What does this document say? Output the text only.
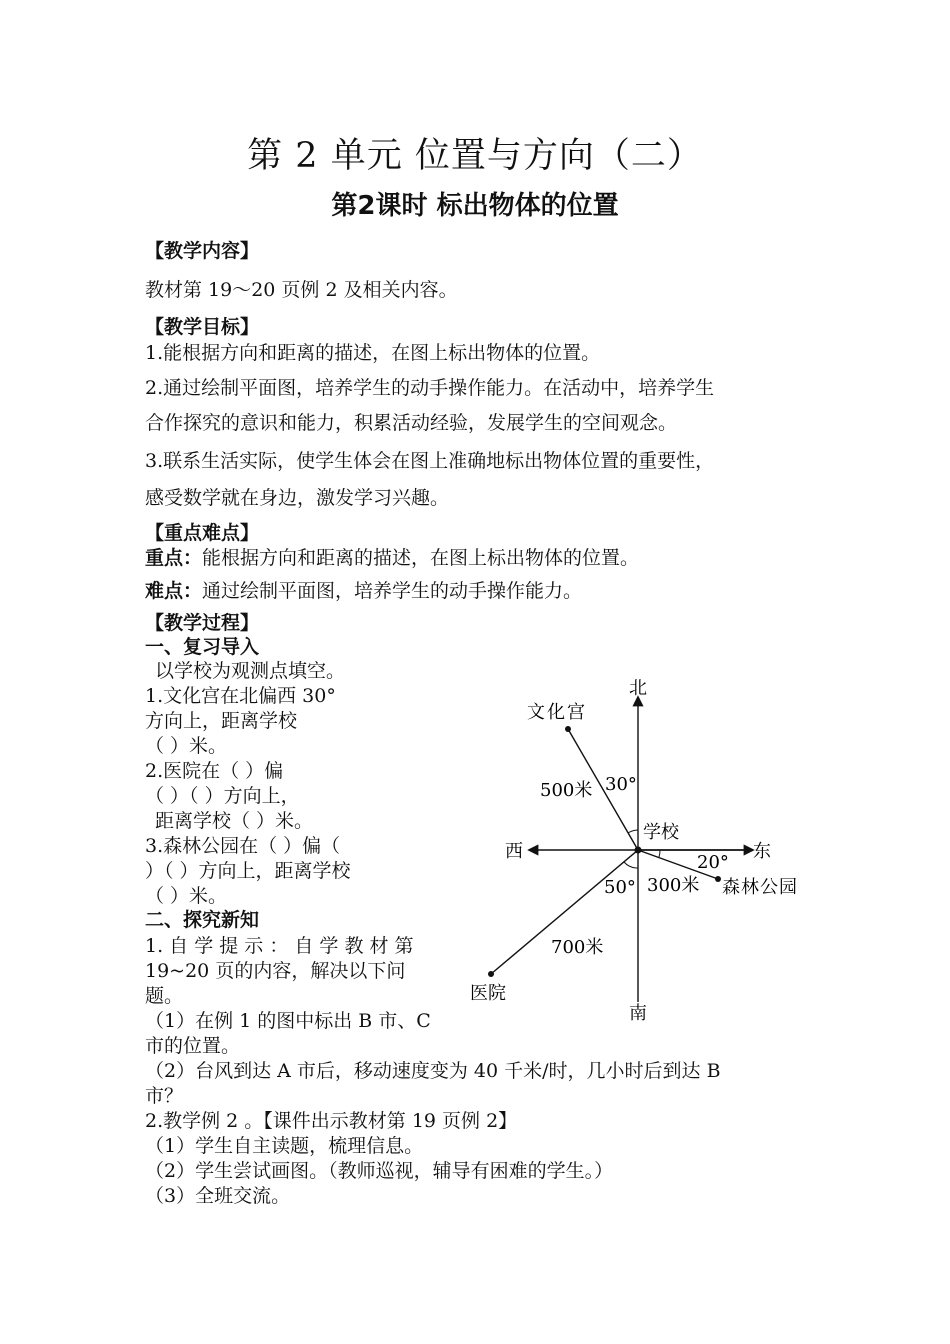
第 2 单元 位置与方向（二）
第2课时 标出物体的位置
【教学内容】
教材第 19～20 页例 2 及相关内容。
【教学目标】
1.能根据方向和距离的描述，在图上标出物体的位置。
2.通过绘制平面图，培养学生的动手操作能力。在活动中，培养学生
合作探究的意识和能力，积累活动经验，发展学生的空间观念。
3.联系生活实际，使学生体会在图上准确地标出物体位置的重要性，
感受数学就在身边，激发学习兴趣。
【重点难点】
重点：能根据方向和距离的描述，在图上标出物体的位置。
难点：通过绘制平面图，培养学生的动手操作能力。
【教学过程】
一、复习导入
以学校为观测点填空。
1.文化宫在北偏西 30°
方向上，距离学校
（ ）米。
2.医院在（ ）偏
（ ）（ ）方向上，
距离学校（ ）米。
3.森林公园在（ ）偏（
）（ ）方向上，距离学校
（ ）米。
二、探究新知
1. 自 学 提 示 ： 自 学 教 材 第
19~20 页的内容，解决以下问
题。
（1）在例 1 的图中标出 B 市、C
市的位置。
（2）台风到达 A 市后，移动速度变为 40 千米/时，几小时后到达 B
市？
2.教学例 2 。【课件出示教材第 19 页例 2】
（1）学生自主读题，梳理信息。
（2）学生尝试画图。（教师巡视，辅导有困难的学生。）
（3）全班交流。
北
南
西	东
学校
文化宫
医院
森林公园
500米
300米
700米
30°
20°
50°
